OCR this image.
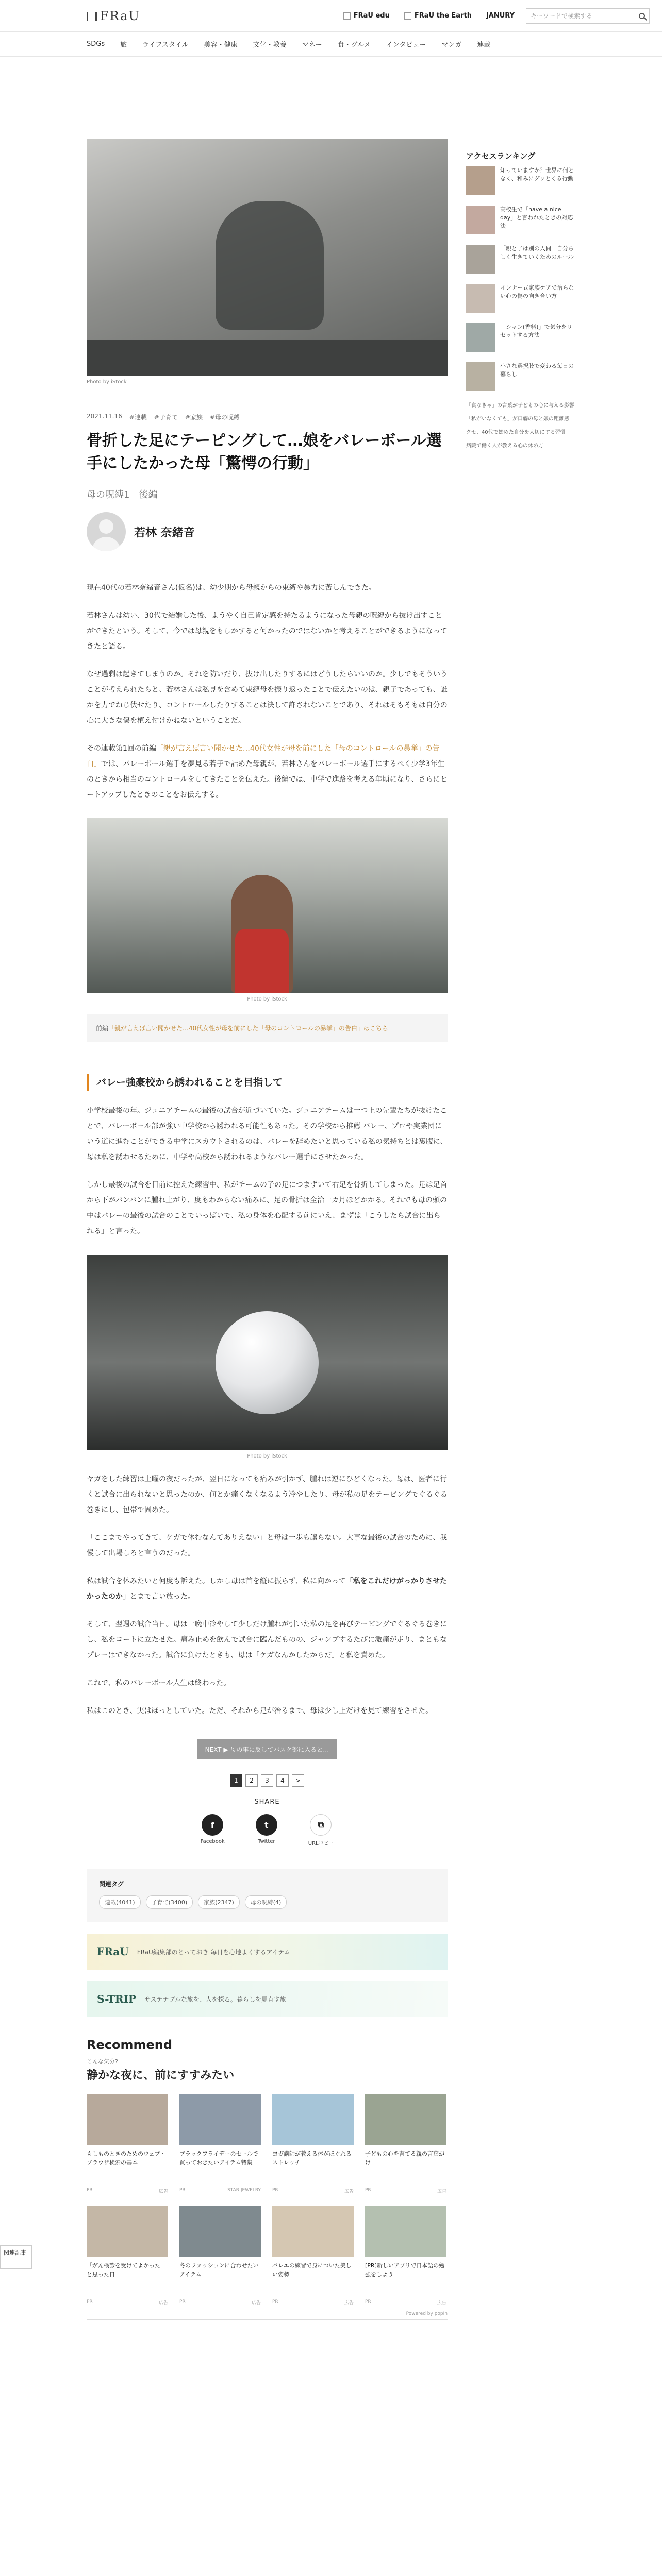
FRaU	FRaU edu	FRaU the Earth JANURY	キーワードで検索する
SDGs 旅 ライフスタイル 美容・健康 文化・教養 マネー 食・グルメ インタビュー マンガ 連載
Photo by iStock
2021.11.16 #連載 #子育て #家族 #母の呪縛
骨折した足にテーピングして…娘をバレーボール選手にしたかった母「驚愕の行動」
母の呪縛1　後編
若林 奈緒音

現在40代の若林奈緒音さん(仮名)は、幼少期から母親からの束縛や暴力に苦しんできた。

若林さんは幼い、30代で結婚した後、ようやく自己肯定感を持たるようになった母親の呪縛から抜け出すことができたという。そして、今では母親をもしかすると何かったのではないかと考えることができるようになってきたと語る。

なぜ過剰は起きてしまうのか。それを防いだり、抜け出したりするにはどうしたらいいのか。少しでもそういうことが考えられたらと、若林さんは私見を含めて束縛母を振り返ったことで伝えたいのは、親子であっても、誰かを力でねじ伏せたり、コントロールしたりすることは決して許されないことであり、それはそもそもは自分の心に大きな傷を植え付けかねないということだ。

その連載第1回の前編「親が言えば言い聞かせた…40代女性が母を前にした「母のコントロールの暴挙」の告白」では、バレーボール選手を夢見る若子で詰めた母親が、若林さんをバレーボール選手にするべく少学3年生のときから相当のコントロールをしてきたことを伝えた。後編では、中学で進路を考える年頃になり、さらにヒートアップしたときのことをお伝えする。

Photo by iStock
前編「親が言えば言い聞かせた…40代女性が母を前にした「母のコントロールの暴挙」の告白」はこちら
バレー強豪校から誘われることを目指して

小学校最後の年。ジュニアチームの最後の試合が近づいていた。ジュニアチームは一つ上の先輩たちが抜けたことで、バレーボール部が強い中学校から誘われる可能性もあった。その学校から推薦 バレー、プロや実業団にいう道に進むことができる中学にスカウトされるのは、バレーを辞めたいと思っている私の気持ちとは裏腹に、母は私を誘わせるために、中学や高校から誘われるようなバレー選手にさせたかった。

しかし最後の試合を目前に控えた練習中、私がチームの子の足につまずいて右足を骨折してしまった。足は足首から下がパンパンに腫れ上がり、度もわからない痛みに、足の骨折は全治一カ月ほどかかる。それでも母の頭の中はバレーの最後の試合のことでいっぱいで、私の身体を心配する前にいえ、まずは「こうしたら試合に出られる」と言った。

Photo by iStock

ヤガをした練習は土曜の夜だったが、翌日になっても痛みが引かず、腫れは逆にひどくなった。母は、医者に行くと試合に出られないと思ったのか、何とか痛くなくなるよう冷やしたり、母が私の足をテーピングでぐるぐる巻きにし、包帯で固めた。

「ここまでやってきて、ケガで休むなんてありえない」と母は一歩も譲らない。大事な最後の試合のために、我慢して出場しろと言うのだった。

私は試合を休みたいと何度も訴えた。しかし母は首を縦に振らず、私に向かって「私をこれだけがっかりさせたかったのか」とまで言い放った。

そして、翌週の試合当日。母は一晩中冷やして少しだけ腫れが引いた私の足を再びテーピングでぐるぐる巻きにし、私をコートに立たせた。痛み止めを飲んで試合に臨んだものの、ジャンプするたびに激痛が走り、まともなプレーはできなかった。試合に負けたときも、母は「ケガなんかしたからだ」と私を責めた。

これで、私のバレーボール人生は終わった。

私はこのとき、実はほっとしていた。ただ、それから足が治るまで、母は少し上だけを見て練習をさせた。

NEXT ▶ 母の事に反してバスケ部に入ると…
1	2	3	4	>
SHARE
f
Facebook
t
Twitter
⧉
URLコピー
関連タグ
連載(4041)	子育て(3400)	家族(2347)	母の呪縛(4)
FRaU FRaU編集部のとっておき 毎日を心地よくするアイテム
S-TRIP サステナブルな旅を、人を探る。暮らしを見直す旅
Recommend
こんな気分?
静かな夜に、前にすすみたい
もしものときのためのウェブ・ブラウザ検索の基本
PR	広告
ブラックフライデーのセールで買っておきたいアイテム特集
PR	STAR JEWELRY
ヨガ講師が教える体がほぐれるストレッチ
PR	広告
子どもの心を育てる親の言葉がけ
PR	広告
「がん検診を受けてよかった」と思った日
PR	広告
冬のファッションに合わせたいアイテム
PR	広告
バレエの練習で身についた美しい姿勢
PR	広告
[PR]新しいアプリで日本語の勉強をしよう
PR	広告
Powered by popIn
アクセスランキング
知っていますか？世界に何となく、和みにグッとくる行動
高校生で「have a nice day」と言われたときの対応法
「親と子は別の人間」自分らしく生きていくためのルール
インナー式家族ケアで治らない心の傷の向き合い方
「シャン(香料)」で気分をリセットする方法
小さな選択肢で変わる毎日の暮らし
「食なきゃ」の言葉が子どもの心に与える影響
「私がいなくても」が口癖の母と娘の距離感
クセ、40代で始めた自分を大切にする習慣
病院で働く人が教える心の休め方
関連記事
